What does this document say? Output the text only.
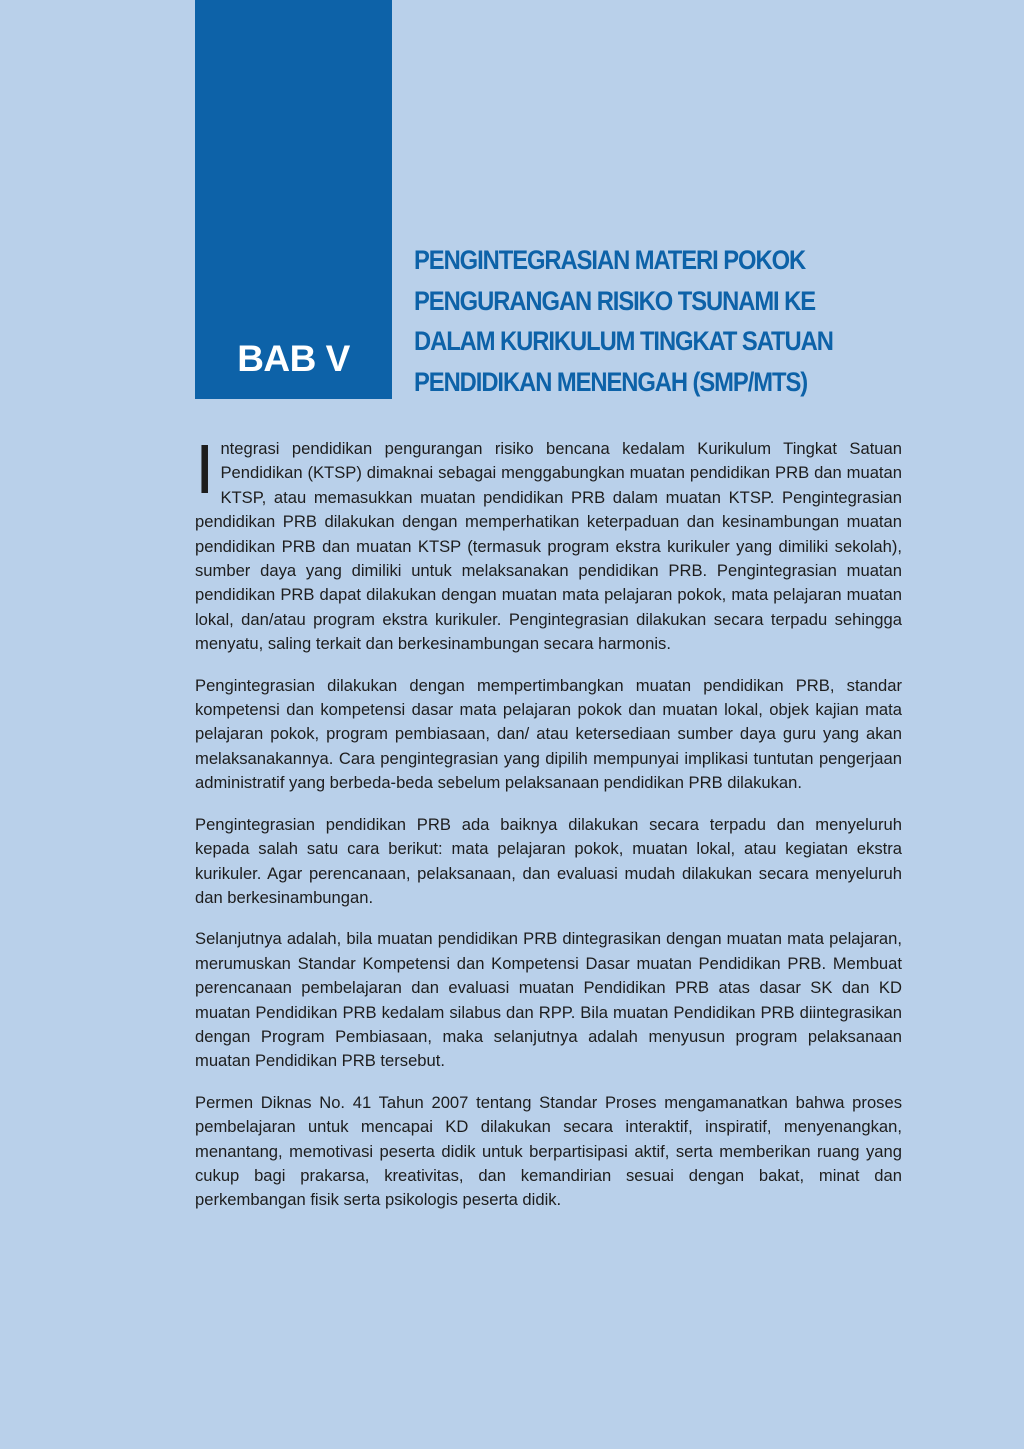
BAB V
PENGINTEGRASIAN MATERI POKOK
PENGURANGAN RISIKO TSUNAMI KE
DALAM KURIKULUM TINGKAT SATUAN
PENDIDIKAN MENENGAH (SMP/MTS)

Integrasi pendidikan pengurangan risiko bencana kedalam Kurikulum Tingkat Satuan Pendidikan (KTSP) dimaknai sebagai menggabungkan muatan pendidikan PRB dan muatan KTSP, atau memasukkan muatan pendidikan PRB dalam muatan KTSP. Pengintegrasian pendidikan PRB dilakukan dengan memperhatikan keterpaduan dan kesinambungan muatan pendidikan PRB dan muatan KTSP (termasuk program ekstra kurikuler yang dimiliki sekolah), sumber daya yang dimiliki untuk melaksanakan pendidikan PRB. Pengintegrasian muatan pendidikan PRB dapat dilakukan dengan muatan mata pelajaran pokok, mata pelajaran muatan lokal, dan/atau program ekstra kurikuler. Pengintegrasian dilakukan secara terpadu sehingga menyatu, saling terkait dan berkesinambungan secara harmonis.

Pengintegrasian dilakukan dengan mempertimbangkan muatan pendidikan PRB, standar kompetensi dan kompetensi dasar mata pelajaran pokok dan muatan lokal, objek kajian mata pelajaran pokok, program pembiasaan, dan/ atau ketersediaan sumber daya guru yang akan melaksanakannya. Cara pengintegrasian yang dipilih mempunyai implikasi tuntutan pengerjaan administratif yang berbeda-beda sebelum pelaksanaan pendidikan PRB dilakukan.

Pengintegrasian pendidikan PRB ada baiknya dilakukan secara terpadu dan menyeluruh kepada salah satu cara berikut: mata pelajaran pokok, muatan lokal, atau kegiatan ekstra kurikuler. Agar perencanaan, pelaksanaan, dan evaluasi mudah dilakukan secara menyeluruh dan berkesinambungan.

Selanjutnya adalah, bila muatan pendidikan PRB dintegrasikan dengan muatan mata pelajaran, merumuskan Standar Kompetensi dan Kompetensi Dasar muatan Pendidikan PRB. Membuat perencanaan pembelajaran dan evaluasi muatan Pendidikan PRB atas dasar SK dan KD muatan Pendidikan PRB kedalam silabus dan RPP. Bila muatan Pendidikan PRB diintegrasikan dengan Program Pembiasaan, maka selanjutnya adalah menyusun program pelaksanaan muatan Pendidikan PRB tersebut.

Permen Diknas No. 41 Tahun 2007 tentang Standar Proses mengamanatkan bahwa proses pembelajaran untuk mencapai KD dilakukan secara interaktif, inspiratif, menyenangkan, menantang, memotivasi peserta didik untuk berpartisipasi aktif, serta memberikan ruang yang cukup bagi prakarsa, kreativitas, dan kemandirian sesuai dengan bakat, minat dan perkembangan fisik serta psikologis peserta didik.
